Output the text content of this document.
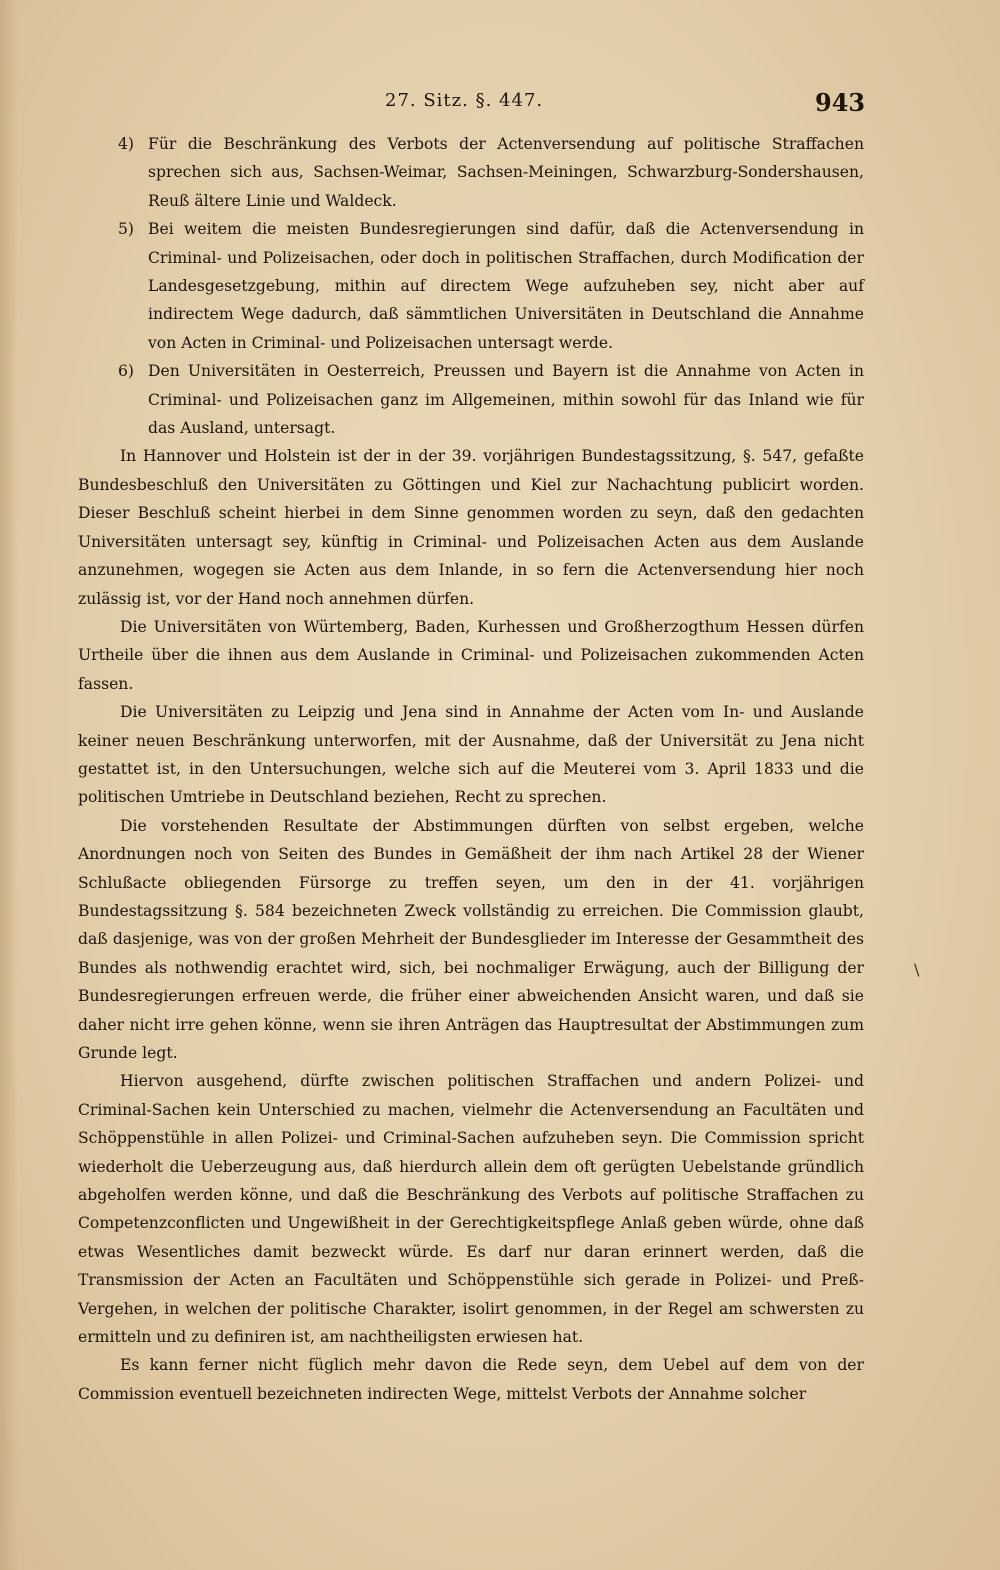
27. Sitz. §. 447.	943
4) Für die Beschränkung des Verbots der Actenversendung auf politische Straffachen sprechen sich aus, Sachsen-Weimar, Sachsen-Meiningen, Schwarzburg-Sondershausen, Reuß ältere Linie und Waldeck.
5) Bei weitem die meisten Bundesregierungen sind dafür, daß die Actenversendung in Criminal- und Polizeisachen, oder doch in politischen Straffachen, durch Modification der Landesgesetzgebung, mithin auf directem Wege aufzuheben sey, nicht aber auf indirectem Wege dadurch, daß sämmtlichen Universitäten in Deutschland die Annahme von Acten in Criminal- und Polizeisachen untersagt werde.
6) Den Universitäten in Oesterreich, Preussen und Bayern ist die Annahme von Acten in Criminal- und Polizeisachen ganz im Allgemeinen, mithin sowohl für das Inland wie für das Ausland, untersagt.

In Hannover und Holstein ist der in der 39. vorjährigen Bundestagssitzung, §. 547, gefaßte Bundesbeschluß den Universitäten zu Göttingen und Kiel zur Nachachtung publicirt worden. Dieser Beschluß scheint hierbei in dem Sinne genommen worden zu seyn, daß den gedachten Universitäten untersagt sey, künftig in Criminal- und Polizeisachen Acten aus dem Auslande anzunehmen, wogegen sie Acten aus dem Inlande, in so fern die Actenversendung hier noch zulässig ist, vor der Hand noch annehmen dürfen.

Die Universitäten von Würtemberg, Baden, Kurhessen und Großherzogthum Hessen dürfen Urtheile über die ihnen aus dem Auslande in Criminal- und Polizeisachen zukommenden Acten fassen.

Die Universitäten zu Leipzig und Jena sind in Annahme der Acten vom In- und Auslande keiner neuen Beschränkung unterworfen, mit der Ausnahme, daß der Universität zu Jena nicht gestattet ist, in den Untersuchungen, welche sich auf die Meuterei vom 3. April 1833 und die politischen Umtriebe in Deutschland beziehen, Recht zu sprechen.

Die vorstehenden Resultate der Abstimmungen dürften von selbst ergeben, welche Anordnungen noch von Seiten des Bundes in Gemäßheit der ihm nach Artikel 28 der Wiener Schlußacte obliegenden Fürsorge zu treffen seyen, um den in der 41. vorjährigen Bundestagssitzung §. 584 bezeichneten Zweck vollständig zu erreichen. Die Commission glaubt, daß dasjenige, was von der großen Mehrheit der Bundesglieder im Interesse der Gesammtheit des Bundes als nothwendig erachtet wird, sich, bei nochmaliger Erwägung, auch der Billigung der Bundesregierungen erfreuen werde, die früher einer abweichenden Ansicht waren, und daß sie daher nicht irre gehen könne, wenn sie ihren Anträgen das Hauptresultat der Abstimmungen zum Grunde legt.

Hiervon ausgehend, dürfte zwischen politischen Straffachen und andern Polizei- und Criminal-Sachen kein Unterschied zu machen, vielmehr die Actenversendung an Facultäten und Schöppenstühle in allen Polizei- und Criminal-Sachen aufzuheben seyn. Die Commission spricht wiederholt die Ueberzeugung aus, daß hierdurch allein dem oft gerügten Uebelstande gründlich abgeholfen werden könne, und daß die Beschränkung des Verbots auf politische Straffachen zu Competenzconflicten und Ungewißheit in der Gerechtigkeitspflege Anlaß geben würde, ohne daß etwas Wesentliches damit bezweckt würde. Es darf nur daran erinnert werden, daß die Transmission der Acten an Facultäten und Schöppenstühle sich gerade in Polizei- und Preß-Vergehen, in welchen der politische Charakter, isolirt genommen, in der Regel am schwersten zu ermitteln und zu definiren ist, am nachtheiligsten erwiesen hat.

Es kann ferner nicht füglich mehr davon die Rede seyn, dem Uebel auf dem von der Commission eventuell bezeichneten indirecten Wege, mittelst Verbots der Annahme solcher

\
